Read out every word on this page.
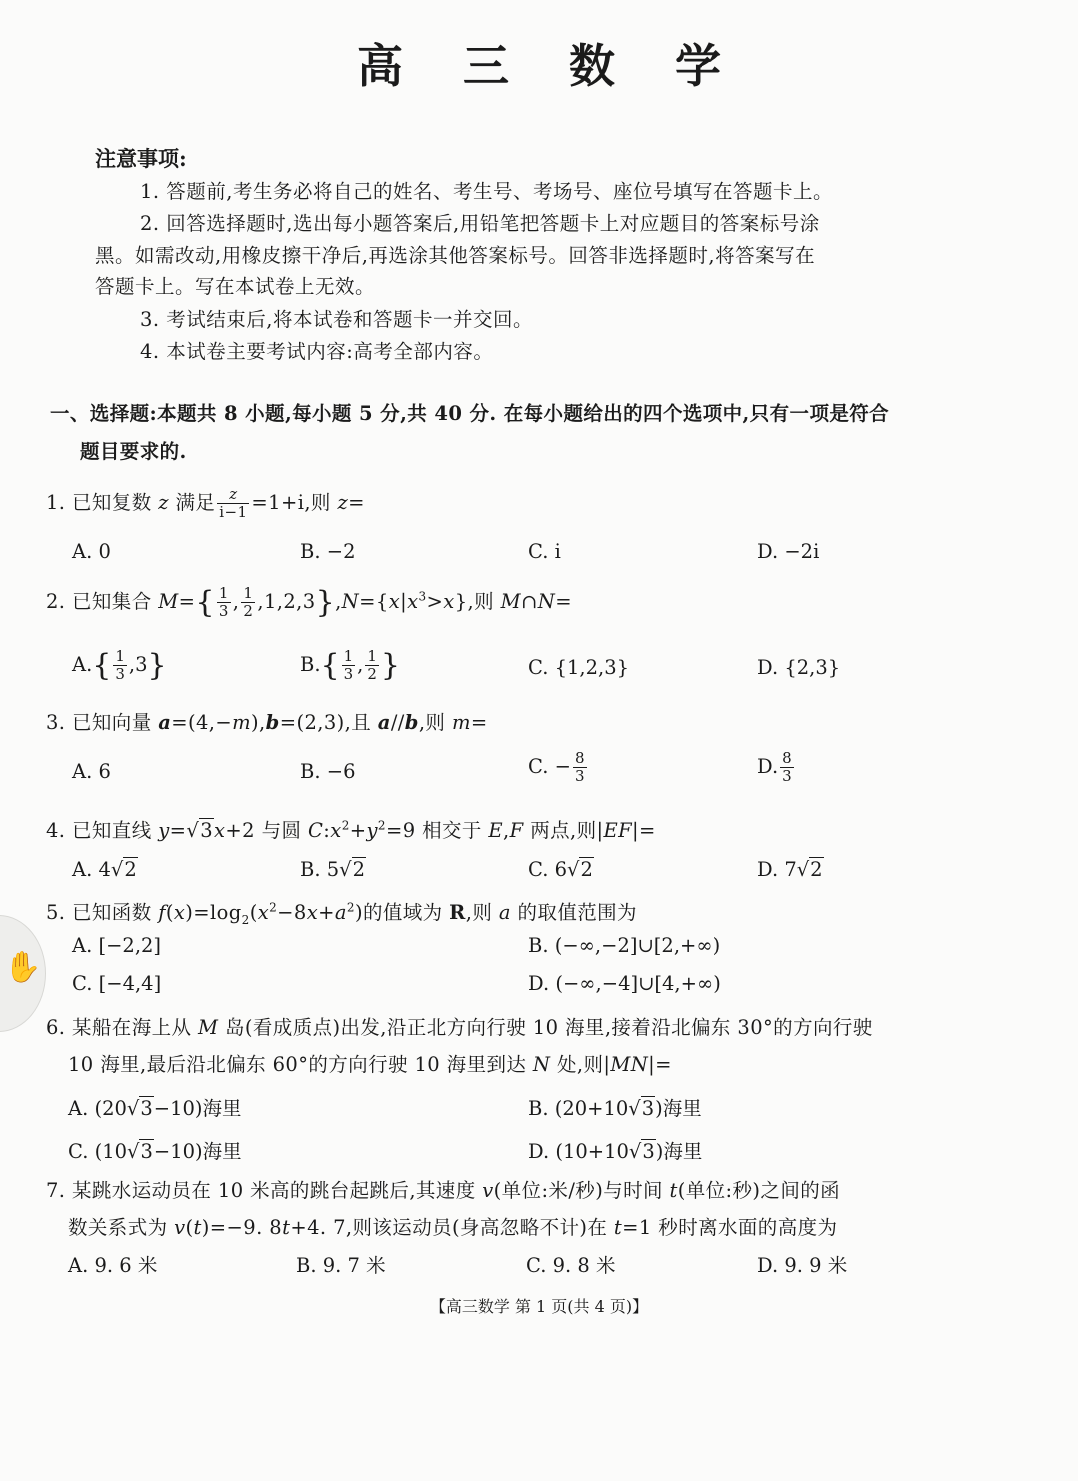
✋
高 三 数 学
注意事项:
1. 答题前,考生务必将自己的姓名、考生号、考场号、座位号填写在答题卡上。
2. 回答选择题时,选出每小题答案后,用铅笔把答题卡上对应题目的答案标号涂
黑。如需改动,用橡皮擦干净后,再选涂其他答案标号。回答非选择题时,将答案写在
答题卡上。写在本试卷上无效。
3. 考试结束后,将本试卷和答题卡一并交回。
4. 本试卷主要考试内容:高考全部内容。
一、选择题:本题共 8 小题,每小题 5 分,共 40 分. 在每小题给出的四个选项中,只有一项是符合
题目要求的.
1. 已知复数 z 满足 $\frac{z}{i-1} =1+i$,则 z=
A. 0	B. −2	C. i	D. −2i
2. 已知集合 $M=\{ \frac{1}{3}$ , $\frac{1}{2} ,1,2,3\},N=\{x|x^3>x\}$,则 M∩N=
$A.\{ \frac{1}{3} ,3\}$	$B.\{ \frac{1}{3}$ , $\frac{1}{2}$ }	C. {1,2,3}	D. {2,3}
3. 已知向量 a=(4,−m),b=(2,3),且 a//b,则 m=
A. 6	B. −6	C. − $\frac{8}{3}$	D. $\frac{8}{3}$
4. 已知直线 y=√3x+2 与圆 $C:x^2+y^2=9$ 相交于 E,F 两点,则|EF|=
A. 4√2	B. 5√2	C. 6√2	D. 7√2
5. 已知函数 $f(x)=\log_2(x^2-8x+a^2)$的值域为 R,则 a 的取值范围为
A. [−2,2]	B. (−∞,−2]∪[2,+∞)
C. [−4,4]	D. (−∞,−4]∪[4,+∞)
6. 某船在海上从 M 岛(看成质点)出发,沿正北方向行驶 10 海里,接着沿北偏东 30°的方向行驶
10 海里,最后沿北偏东 60°的方向行驶 10 海里到达 N 处,则|MN|=
A. (20√3−10)海里	B. (20+10√3)海里
C. (10√3−10)海里	D. (10+10√3)海里
7. 某跳水运动员在 10 米高的跳台起跳后,其速度 v(单位:米/秒)与时间 t(单位:秒)之间的函
数关系式为 v(t)=−9. 8t+4. 7,则该运动员(身高忽略不计)在 t=1 秒时离水面的高度为
A. 9. 6 米	B. 9. 7 米	C. 9. 8 米	D. 9. 9 米
【高三数学 第 1 页(共 4 页)】
